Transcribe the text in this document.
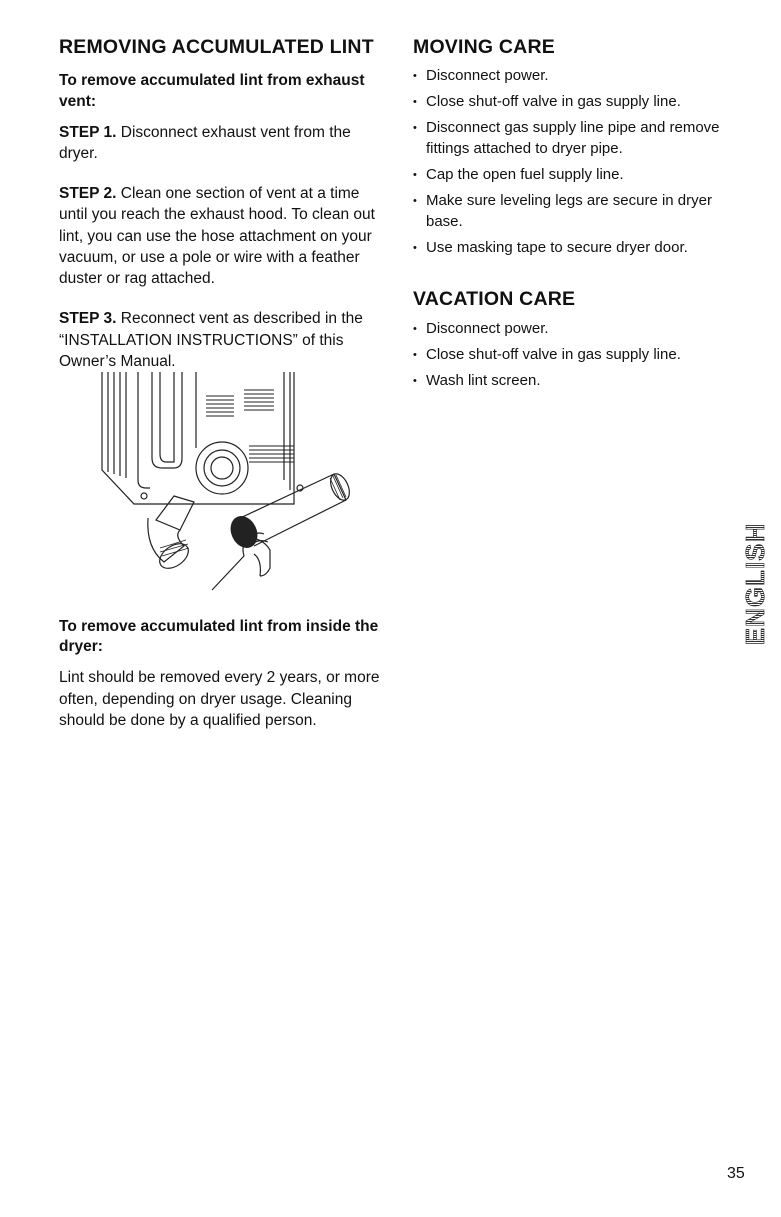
REMOVING ACCUMULATED LINT
To remove accumulated lint from exhaust vent:

STEP 1. Disconnect exhaust vent from the dryer.

STEP 2. Clean one section of vent at a time until you reach the exhaust hood. To clean out lint, you can use the hose attachment on your vacuum, or use a pole or wire with a feather duster or rag attached.

STEP 3. Reconnect vent as described in the “INSTALLATION INSTRUCTIONS” of this Owner’s Manual.

To remove accumulated lint from inside the dryer:

Lint should be removed every 2 years, or more often, depending on dryer usage. Cleaning should be done by a qualified person.

MOVING CARE
• Disconnect power.
• Close shut-off valve in gas supply line.
• Disconnect gas supply line pipe and remove fittings attached to dryer pipe.
• Cap the open fuel supply line.
• Make sure leveling legs are secure in dryer base.
• Use masking tape to secure dryer door.
VACATION CARE
• Disconnect power.
• Close shut-off valve in gas supply line.
• Wash lint screen.
ENGLISH
35
